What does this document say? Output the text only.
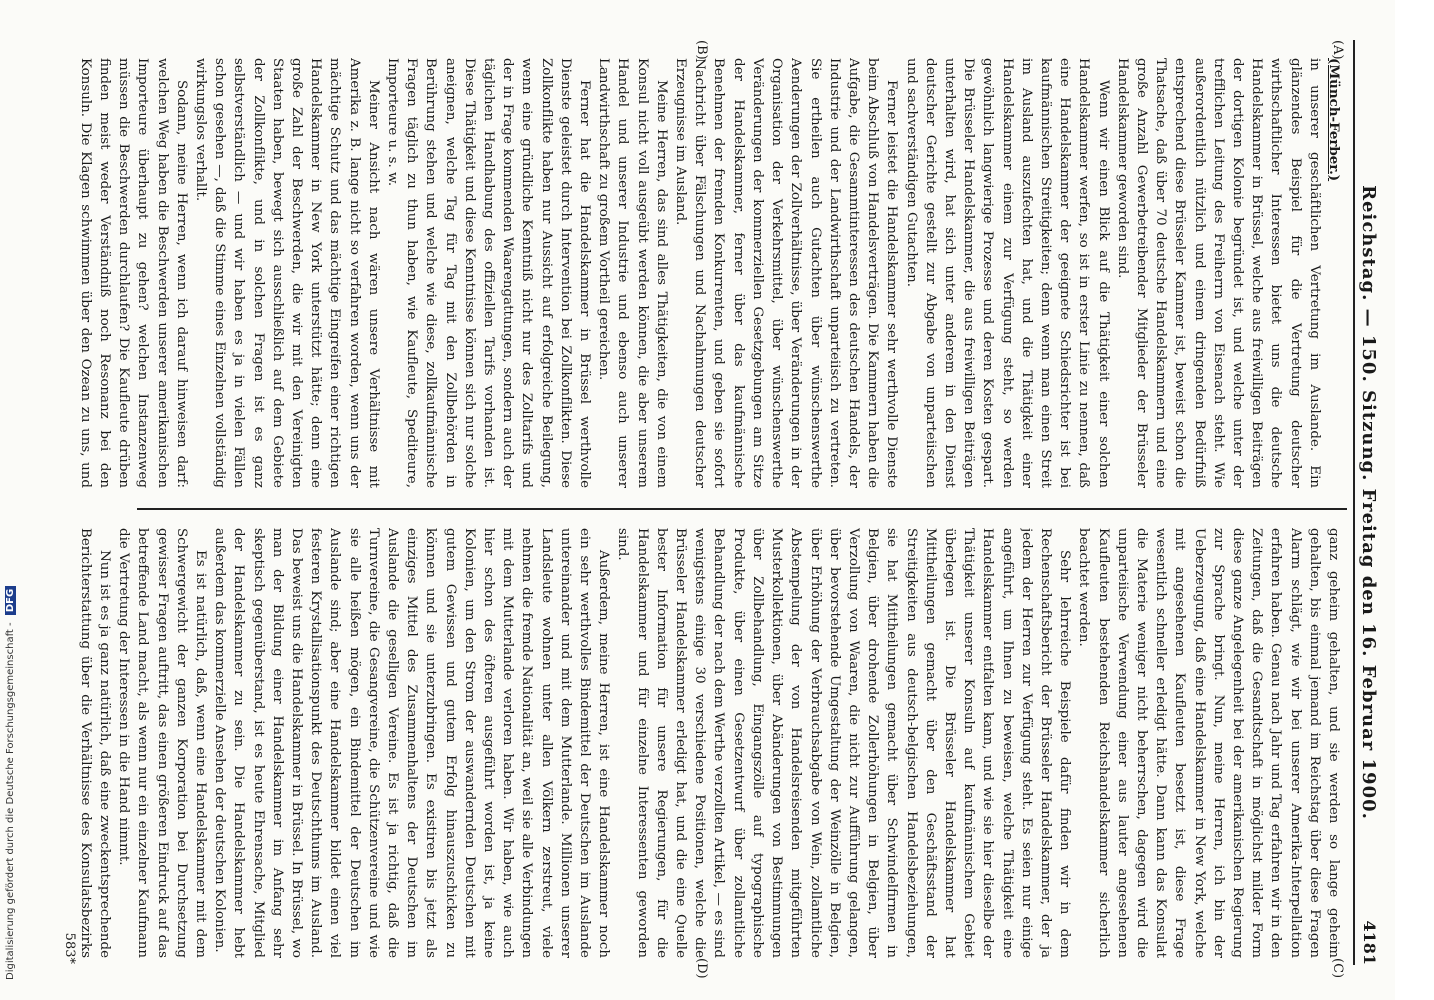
Reichstag. — 150. Sitzung. Freitag den 16. Februar 1900.
4181
(A)
(B)
(C)
(D)

(Münch-Ferber.)

in unserer geschäftlichen Vertretung im Auslande. Ein glänzendes Beispiel für die Vertretung deutscher wirthschaftlicher Interessen bietet uns die deutsche Handelskammer in Brüssel, welche aus freiwilligen Beiträgen der dortigen Kolonie begründet ist, und welche unter der trefflichen Leitung des Freiherrn von Eisenach steht. Wie außerordentlich nützlich und einem dringenden Bedürfniß entsprechend diese Brüsseler Kammer ist, beweist schon die Thatsache, daß über 70 deutsche Handelskammern und eine große Anzahl Gewerbetreibender Mitglieder der Brüsseler Handelskammer geworden sind.

Wenn wir einen Blick auf die Thätigkeit einer solchen Handelskammer werfen, so ist in erster Linie zu nennen, daß eine Handelskammer der geeignete Schiedsrichter ist bei kaufmännischen Streitigkeiten; denn wenn man einen Streit im Ausland auszufechten hat, und die Thätigkeit einer Handelskammer einem zur Verfügung steht, so werden gewöhnlich langwierige Prozesse und deren Kosten gespart. Die Brüsseler Handelskammer, die aus freiwilligen Beiträgen unterhalten wird, hat sich unter anderem in den Dienst deutscher Gerichte gestellt zur Abgabe von unparteiischen und sachverständigen Gutachten.

Ferner leistet die Handelskammer sehr werthvolle Dienste beim Abschluß von Handelsverträgen. Die Kammern haben die Aufgabe, die Gesammtinteressen des deutschen Handels, der Industrie und der Landwirthschaft unparteiisch zu vertreten. Sie ertheilen auch Gutachten über wünschenswerthe Aenderungen der Zollverhältnisse, über Veränderungen in der Organisation der Verkehrsmittel, über wünschenswerthe Veränderungen der kommerziellen Gesetzgebungen am Sitze der Handelskammer, ferner über das kaufmännische Benehmen der fremden Konkurrenten, und geben sie sofort Nachricht über Fälschungen und Nachahmungen deutscher Erzeugnisse im Ausland.

Meine Herren, das sind alles Thätigkeiten, die von einem Konsul nicht voll ausgeübt werden können, die aber unserem Handel und unserer Industrie und ebenso auch unserer Landwirthschaft zu großem Vortheil gereichen.

Ferner hat die Handelskammer in Brüssel werthvolle Dienste geleistet durch Intervention bei Zollkonflikten. Diese Zollkonflikte haben nur Aussicht auf erfolgreiche Beilegung, wenn eine gründliche Kenntniß nicht nur des Zolltarifs und der in Frage kommenden Waarengattungen, sondern auch der täglichen Handhabung des offiziellen Tarifs vorhanden ist. Diese Thätigkeit und diese Kenntnisse können sich nur solche aneignen, welche Tag für Tag mit den Zollbehörden in Berührung stehen und welche wie diese, zollkaufmännische Fragen täglich zu thun haben, wie Kaufleute, Spediteure, Importeure u. s. w.

Meiner Ansicht nach wären unsere Verhältnisse mit Amerika z. B. lange nicht so verfahren worden, wenn uns der mächtige Schutz und das mächtige Eingreifen einer richtigen Handelskammer in New York unterstützt hätte; denn eine große Zahl der Beschwerden, die wir mit den Vereinigten Staaten haben, bewegt sich ausschließlich auf dem Gebiete der Zollkonflikte, und in solchen Fragen ist es ganz selbstverständlich — und wir haben es ja in vielen Fällen schon gesehen —, daß die Stimme eines Einzelnen vollständig wirkungslos verhallt.

Sodann, meine Herren, wenn ich darauf hinweisen darf: welchen Weg haben die Beschwerden unserer amerikanischen Importeure überhaupt zu gehen? welchen Instanzenweg müssen die Beschwerden durchlaufen? Die Kaufleute drüben finden meist weder Verständniß noch Resonanz bei den Konsuln. Die Klagen schwimmen über den Ozean zu uns, und

ganz geheim gehalten, und sie werden so lange geheim gehalten, bis einmal jemand im Reichstag über diese Fragen Alarm schlägt, wie wir bei unserer Amerika-Interpellation erfahren haben. Genau nach Jahr und Tag erfahren wir in den Zeitungen, daß die Gesandtschaft in möglichst milder Form diese ganze Angelegenheit bei der amerikanischen Regierung zur Sprache bringt. Nun, meine Herren, ich bin der Ueberzeugung, daß eine Handelskammer in New York, welche mit angesehenen Kaufleuten besetzt ist, diese Frage wesentlich schneller erledigt hätte. Dann kann das Konsulat die Materie weniger nicht beherrschen, dagegen wird die unparteiische Verwendung einer aus lauter angesehenen Kaufleuten bestehenden Reichshandelskammer sicherlich beachtet werden.

Sehr lehrreiche Beispiele dafür finden wir in dem Rechenschaftsbericht der Brüsseler Handelskammer, der ja jedem der Herren zur Verfügung steht. Es seien nur einige angeführt, um Ihnen zu beweisen, welche Thätigkeit eine Handelskammer entfalten kann, und wie sie hier dieselbe der Thätigkeit unserer Konsuln auf kaufmännischem Gebiet überlegen ist. Die Brüsseler Handelskammer hat Mittheilungen gemacht über den Geschäftsstand der Streitigkeiten aus deutsch-belgischen Handelsbeziehungen, sie hat Mittheilungen gemacht über Schwindelfirmen in Belgien, über drohende Zollerhöhungen in Belgien, über Verzollung von Waaren, die nicht zur Aufführung gelangen, über bevorstehende Umgestaltung der Weinzölle in Belgien, über Erhöhung der Verbrauchsabgabe von Wein, zollamtliche Abstempelung der von Handelsreisenden mitgeführten Musterkollektionen, über Abänderungen von Bestimmungen über Zollbehandlung, Eingangszölle auf typographische Produkte, über einen Gesetzentwurf über zollamtliche Behandlung der nach dem Werthe verzollten Artikel, — es sind wenigstens einige 30 verschiedene Positionen, welche die Brüsseler Handelskammer erledigt hat, und die eine Quelle bester Information für unsere Regierungen, für die Handelskammer und für einzelne Interessenten geworden sind.

Außerdem, meine Herren, ist eine Handelskammer noch ein sehr werthvolles Bindemittel der Deutschen im Auslande untereinander und mit dem Mutterlande. Millionen unserer Landsleute wohnen unter allen Völkern zerstreut, viele nehmen die fremde Nationalität an, weil sie alle Verbindungen mit dem Mutterlande verloren haben. Wir haben, wie auch hier schon des öfteren ausgeführt worden ist, ja keine Kolonien, um den Strom der auswandernden Deutschen mit gutem Gewissen und gutem Erfolg hinauszuschicken zu können und sie unterzubringen. Es existiren bis jetzt als einziges Mittel des Zusammenhaltens der Deutschen im Auslande die geselligen Vereine. Es ist ja richtig, daß die Turnvereine, die Gesangvereine, die Schützenvereine und wie sie alle heißen mögen, ein Bindemittel der Deutschen im Auslande sind; aber eine Handelskammer bildet einen viel festeren Krystallisationspunkt des Deutschthums im Ausland. Das beweist uns die Handelskammer in Brüssel. In Brüssel, wo man der Bildung einer Handelskammer im Anfang sehr skeptisch gegenüberstand, ist es heute Ehrensache, Mitglied der Handelskammer zu sein. Die Handelskammer hebt außerdem das kommerzielle Ansehen der deutschen Kolonien.

Es ist natürlich, daß, wenn eine Handelskammer mit dem Schwergewicht der ganzen Korporation bei Durchsetzung gewisser Fragen auftritt, das einen größeren Eindruck auf das betreffende Land macht, als wenn nur ein einzelner Kaufmann die Vertretung der Interessen in die Hand nimmt.

Nun ist es ja ganz natürlich, daß eine zweckentsprechende Berichterstattung über die Verhältnisse des Konsulatsbezirks

583*
Digitalisierung gefördert durch die Deutsche Forschungsgemeinschaft - DFG
